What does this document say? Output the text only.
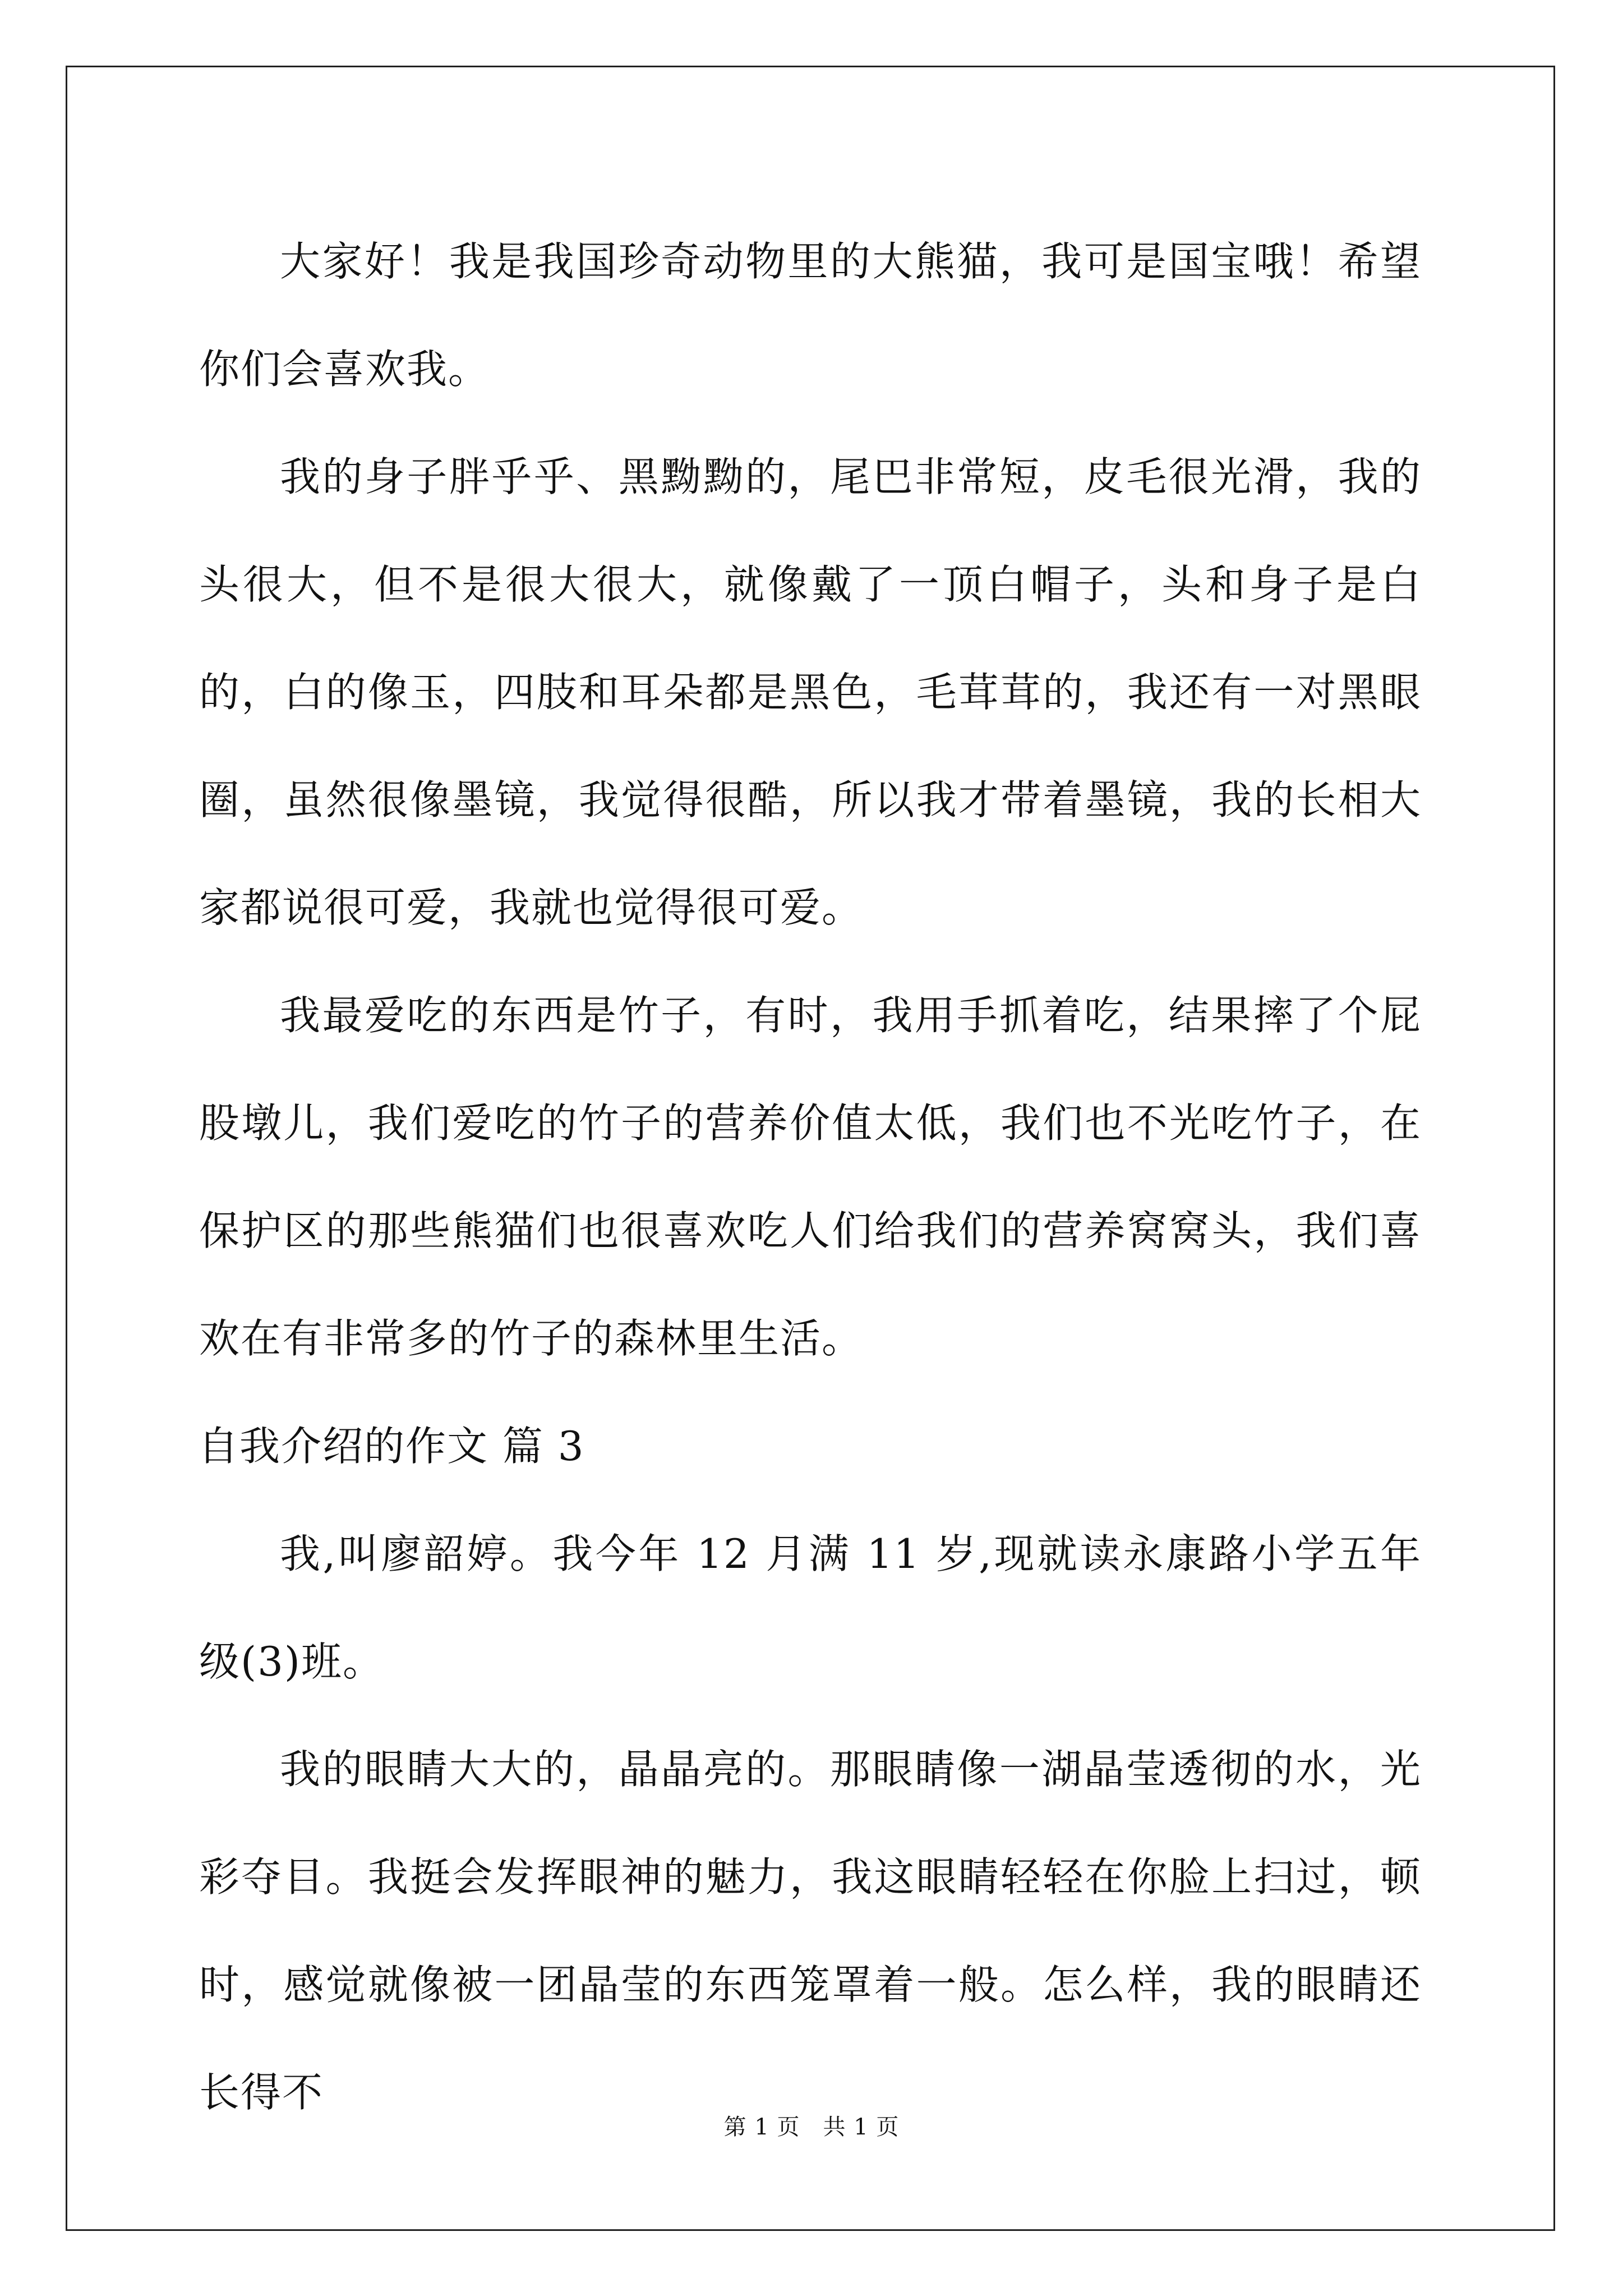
大家好！我是我国珍奇动物里的大熊猫，我可是国宝哦！希望你们会喜欢我。

我的身子胖乎乎、黑黝黝的，尾巴非常短，皮毛很光滑，我的头很大，但不是很大很大，就像戴了一顶白帽子，头和身子是白的，白的像玉，四肢和耳朵都是黑色，毛茸茸的，我还有一对黑眼圈，虽然很像墨镜，我觉得很酷，所以我才带着墨镜，我的长相大家都说很可爱，我就也觉得很可爱。

我最爱吃的东西是竹子，有时，我用手抓着吃，结果摔了个屁股墩儿，我们爱吃的竹子的营养价值太低，我们也不光吃竹子，在保护区的那些熊猫们也很喜欢吃人们给我们的营养窝窝头，我们喜欢在有非常多的竹子的森林里生活。

自我介绍的作文 篇 3

我,叫廖韶婷。我今年 12 月满 11 岁,现就读永康路小学五年级(3)班。

我的眼睛大大的，晶晶亮的。那眼睛像一湖晶莹透彻的水，光彩夺目。我挺会发挥眼神的魅力，我这眼睛轻轻在你脸上扫过，顿时，感觉就像被一团晶莹的东西笼罩着一般。怎么样，我的眼睛还长得不

第 1 页　共 1 页
